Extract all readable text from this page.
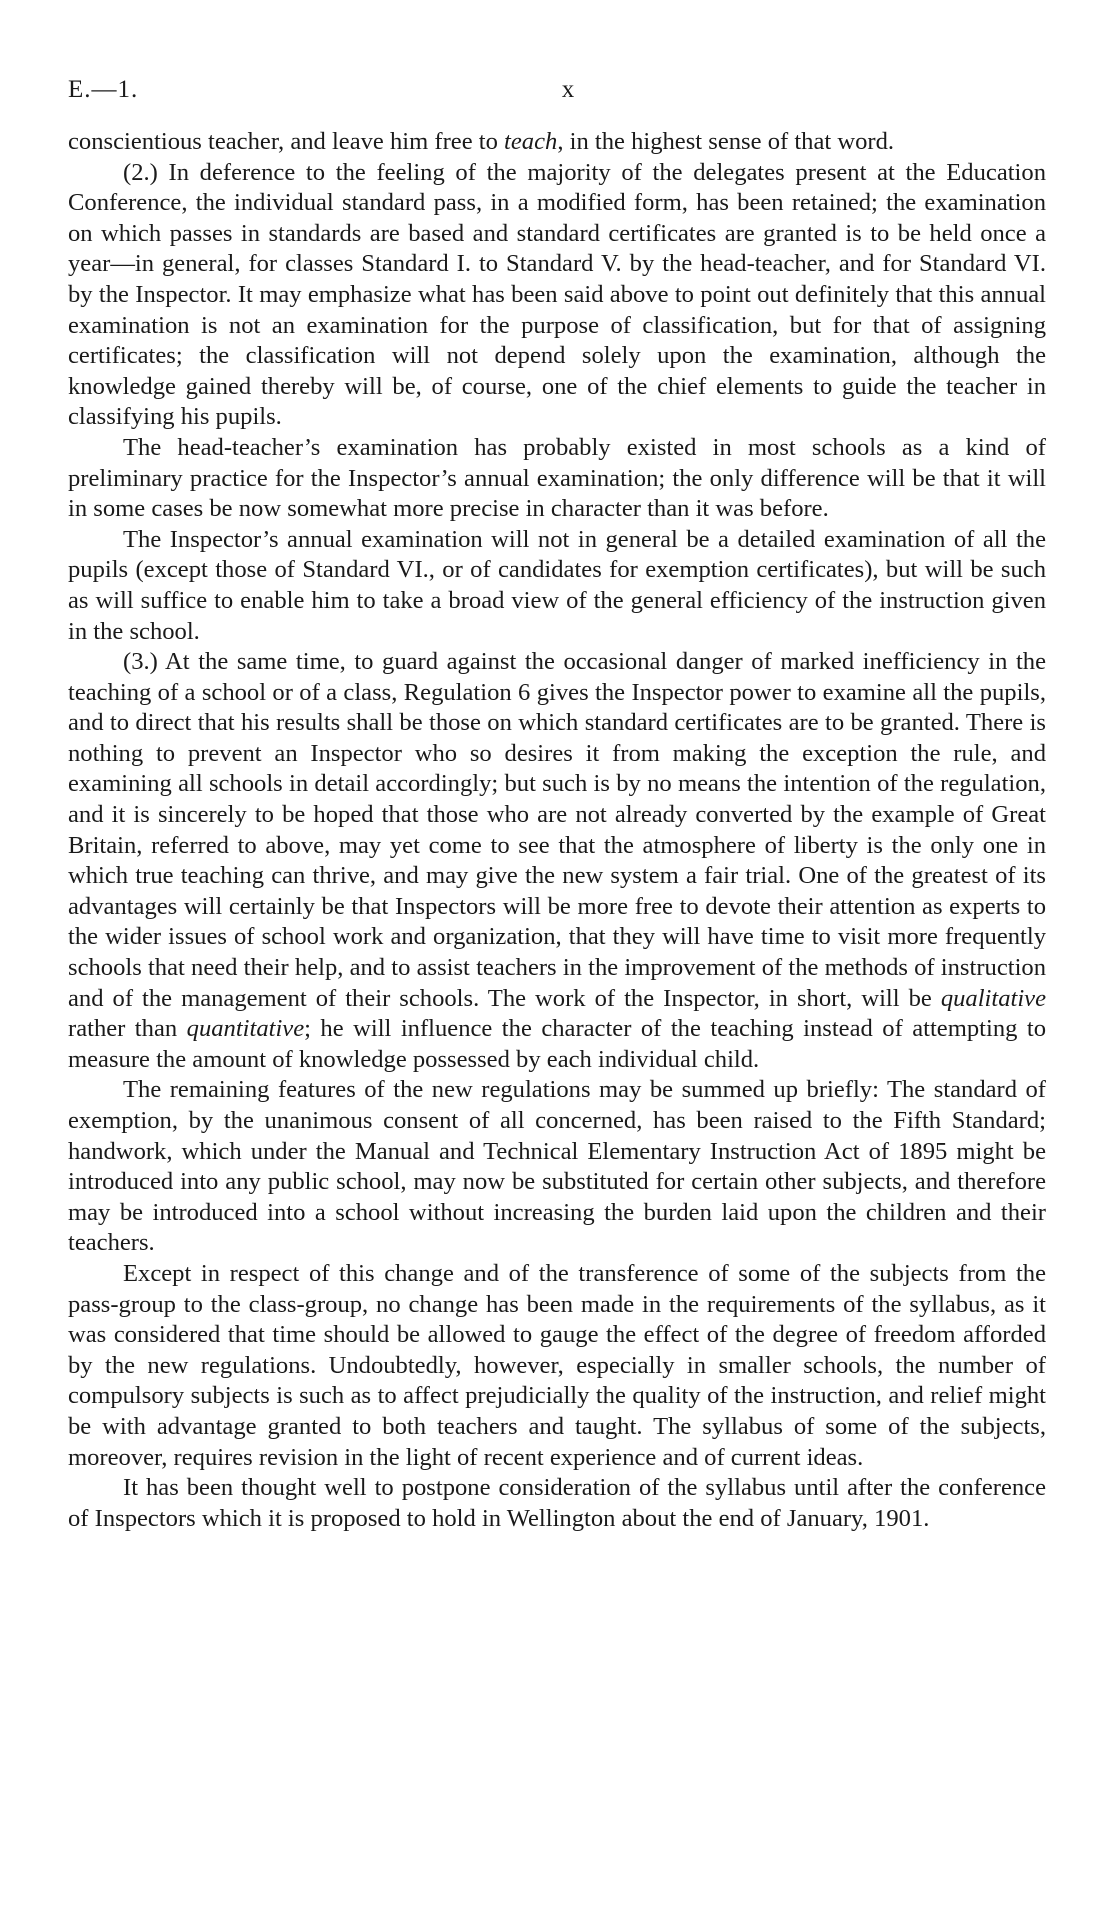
E.—1.	x

conscientious teacher, and leave him free to teach, in the highest sense of that word.

(2.) In deference to the feeling of the majority of the delegates present at the Education Conference, the individual standard pass, in a modified form, has been retained; the examination on which passes in standards are based and standard certificates are granted is to be held once a year—in general, for classes Standard I. to Standard V. by the head-teacher, and for Standard VI. by the Inspector. It may emphasize what has been said above to point out definitely that this annual examination is not an examination for the purpose of classification, but for that of assigning certificates; the classification will not depend solely upon the examination, although the knowledge gained thereby will be, of course, one of the chief elements to guide the teacher in classifying his pupils.

The head-teacher’s examination has probably existed in most schools as a kind of preliminary practice for the Inspector’s annual examination; the only difference will be that it will in some cases be now somewhat more precise in character than it was before.

The Inspector’s annual examination will not in general be a detailed examination of all the pupils (except those of Standard VI., or of candidates for exemption certificates), but will be such as will suffice to enable him to take a broad view of the general efficiency of the instruction given in the school.

(3.) At the same time, to guard against the occasional danger of marked inefficiency in the teaching of a school or of a class, Regulation 6 gives the Inspector power to examine all the pupils, and to direct that his results shall be those on which standard certificates are to be granted. There is nothing to prevent an Inspector who so desires it from making the exception the rule, and examining all schools in detail accordingly; but such is by no means the intention of the regulation, and it is sincerely to be hoped that those who are not already converted by the example of Great Britain, referred to above, may yet come to see that the atmosphere of liberty is the only one in which true teaching can thrive, and may give the new system a fair trial. One of the greatest of its advantages will certainly be that Inspectors will be more free to devote their attention as experts to the wider issues of school work and organization, that they will have time to visit more frequently schools that need their help, and to assist teachers in the improvement of the methods of instruction and of the management of their schools. The work of the Inspector, in short, will be qualitative rather than quantitative; he will influence the character of the teaching instead of attempting to measure the amount of knowledge possessed by each individual child.

The remaining features of the new regulations may be summed up briefly: The standard of exemption, by the unanimous consent of all concerned, has been raised to the Fifth Standard; handwork, which under the Manual and Technical Elementary Instruction Act of 1895 might be introduced into any public school, may now be substituted for certain other subjects, and therefore may be introduced into a school without increasing the burden laid upon the children and their teachers.

Except in respect of this change and of the transference of some of the subjects from the pass-group to the class-group, no change has been made in the requirements of the syllabus, as it was considered that time should be allowed to gauge the effect of the degree of freedom afforded by the new regulations. Undoubtedly, however, especially in smaller schools, the number of compulsory subjects is such as to affect prejudicially the quality of the instruction, and relief might be with advantage granted to both teachers and taught. The syllabus of some of the subjects, moreover, requires revision in the light of recent experience and of current ideas.

It has been thought well to postpone consideration of the syllabus until after the conference of Inspectors which it is proposed to hold in Wellington about the end of January, 1901.
